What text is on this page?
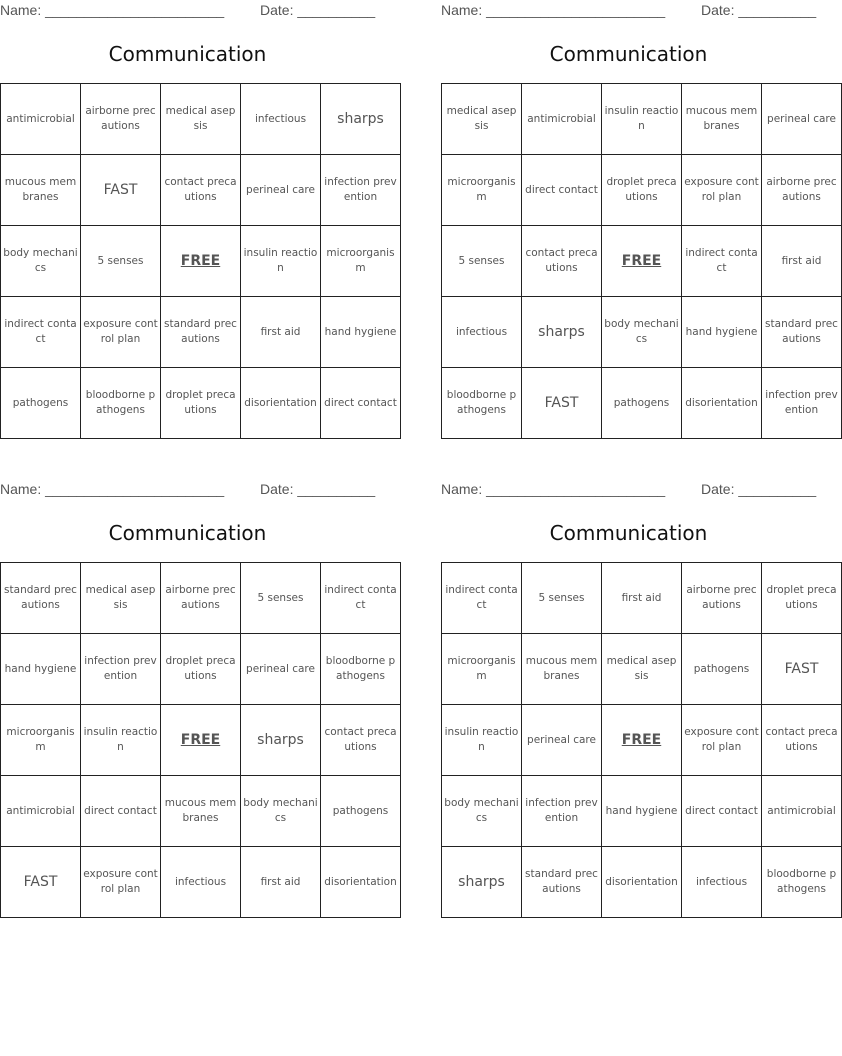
Name: _______________________	Date: __________
Communication
antimicrobial	airborne precautions	medical asepsis	infectious	sharps
mucous membranes	FAST	contact precautions	perineal care	infection prevention
body mechanics	5 senses	FREE	insulin reaction	microorganism
indirect contact	exposure control plan	standard precautions	first aid	hand hygiene
pathogens	bloodborne pathogens	droplet precautions	disorientation	direct contact
Name: _______________________	Date: __________
Communication
medical asepsis	antimicrobial	insulin reaction	mucous membranes	perineal care
microorganism	direct contact	droplet precautions	exposure control plan	airborne precautions
5 senses	contact precautions	FREE	indirect contact	first aid
infectious	sharps	body mechanics	hand hygiene	standard precautions
bloodborne pathogens	FAST	pathogens	disorientation	infection prevention
Name: _______________________	Date: __________
Communication
standard precautions	medical asepsis	airborne precautions	5 senses	indirect contact
hand hygiene	infection prevention	droplet precautions	perineal care	bloodborne pathogens
microorganism	insulin reaction	FREE	sharps	contact precautions
antimicrobial	direct contact	mucous membranes	body mechanics	pathogens
FAST	exposure control plan	infectious	first aid	disorientation
Name: _______________________	Date: __________
Communication
indirect contact	5 senses	first aid	airborne precautions	droplet precautions
microorganism	mucous membranes	medical asepsis	pathogens	FAST
insulin reaction	perineal care	FREE	exposure control plan	contact precautions
body mechanics	infection prevention	hand hygiene	direct contact	antimicrobial
sharps	standard precautions	disorientation	infectious	bloodborne pathogens
